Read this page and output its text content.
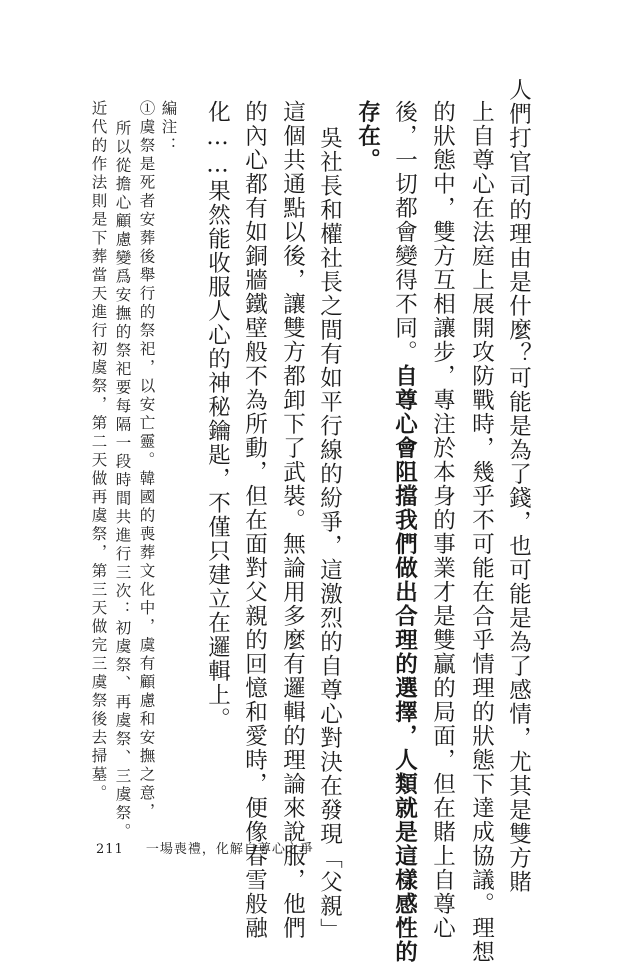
人們打官司的理由是什麼？可能是為了錢，也可能是為了感情，尤其是雙方賭
上自尊心在法庭上展開攻防戰時，幾乎不可能在合乎情理的狀態下達成協議。理想
的狀態中，雙方互相讓步，專注於本身的事業才是雙贏的局面，但在賭上自尊心
後，一切都會變得不同。自尊心會阻擋我們做出合理的選擇，人類就是這樣感性的
存在。
吳社長和權社長之間有如平行線的紛爭，這激烈的自尊心對決在發現「父親」
這個共通點以後，讓雙方都卸下了武裝。無論用多麼有邏輯的理論來說服，他們
的內心都有如銅牆鐵壁般不為所動，但在面對父親的回憶和愛時，便像春雪般融
化……果然能收服人心的神秘鑰匙，不僅只建立在邏輯上。
編注：
①虞祭是死者安葬後舉行的祭祀，以安亡靈。韓國的喪葬文化中，虞有顧慮和安撫之意，
所以從擔心顧慮變爲安撫的祭祀要每隔一段時間共進行三次：初虞祭、再虞祭、三虞祭。
近代的作法則是下葬當天進行初虞祭，第二天做再虞祭，第三天做完三虞祭後去掃墓。
211 一場喪禮，化解自尊心之爭
